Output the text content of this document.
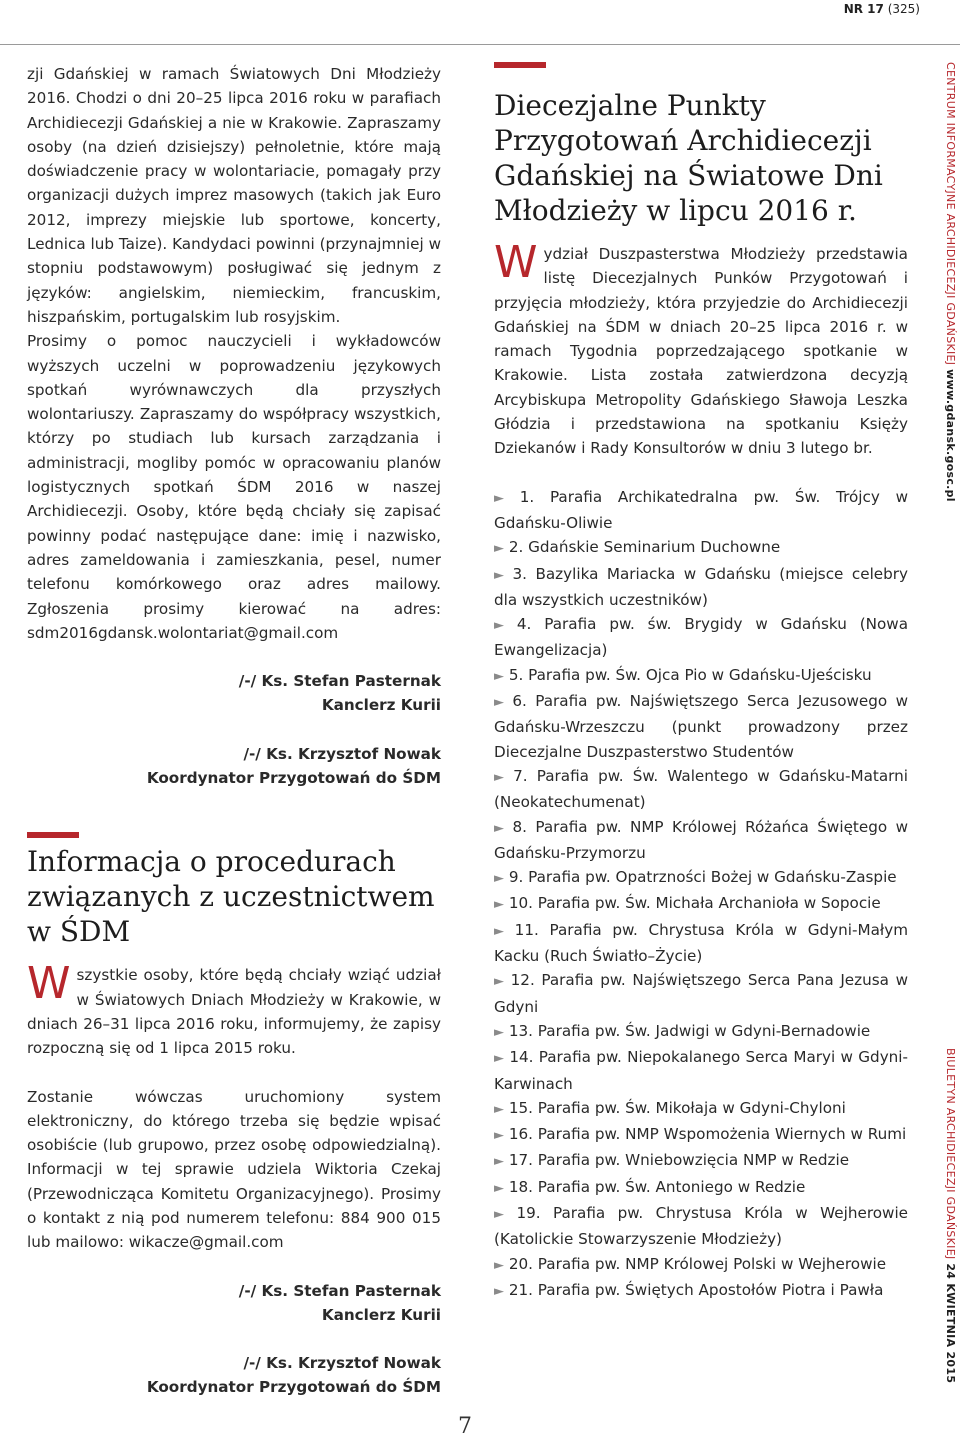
NR 17 (325)

zji Gdańskiej w ramach Światowych Dni Młodzieży 2016. Chodzi o dni 20–25 lipca 2016 roku w parafiach Archidiecezji Gdańskiej a nie w Krakowie. Zapraszamy osoby (na dzień dzisiejszy) pełnoletnie, które mają doświadczenie pracy w wolontariacie, pomagały przy organizacji dużych imprez masowych (takich jak Euro 2012, imprezy miejskie lub sportowe, koncerty, Lednica lub Taize). Kandydaci powinni (przynajmniej w stopniu podstawowym) posługiwać się jednym z języków: angielskim, niemieckim, francuskim, hiszpańskim, portugalskim lub rosyjskim.

Prosimy o pomoc nauczycieli i wykładowców wyższych uczelni w poprowadzeniu językowych spotkań wyrównawczych dla przyszłych wolontariuszy. Zapraszamy do współpracy wszystkich, którzy po studiach lub kursach zarządzania i administracji, mogliby pomóc w opracowaniu planów logistycznych spotkań ŚDM 2016 w naszej Archidiecezji. Osoby, które będą chciały się zapisać powinny podać następujące dane: imię i nazwisko, adres zameldowania i zamieszkania, pesel, numer telefonu komórkowego oraz adres mailowy. Zgłoszenia prosimy kierować na adres: sdm2016gdansk.wolontariat@gmail.com

/-/ Ks. Stefan Pasternak
Kanclerz Kurii
/-/ Ks. Krzysztof Nowak
Koordynator Przygotowań do ŚDM
Informacja o procedurach związanych z uczestnictwem w ŚDM

Wszystkie osoby, które będą chciały wziąć udział w Światowych Dniach Młodzieży w Krakowie, w dniach 26–31 lipca 2016 roku, informujemy, że zapisy rozpoczną się od 1 lipca 2015 roku.

Zostanie wówczas uruchomiony system elektroniczny, do którego trzeba się będzie wpisać osobiście (lub grupowo, przez osobę odpowiedzialną). Informacji w tej sprawie udziela Wiktoria Czekaj (Przewodnicząca Komitetu Organizacyjnego). Prosimy o kontakt z nią pod numerem telefonu: 884 900 015 lub mailowo: wikacze@gmail.com

/-/ Ks. Stefan Pasternak
Kanclerz Kurii
/-/ Ks. Krzysztof Nowak
Koordynator Przygotowań do ŚDM
Diecezjalne Punkty Przygotowań Archidiecezji Gdańskiej na Światowe Dni Młodzieży w lipcu 2016 r.

Wydział Duszpasterstwa Młodzieży przedstawia listę Diecezjalnych Punków Przygotowań i przyjęcia młodzieży, która przyjedzie do Archidiecezji Gdańskiej na ŚDM w dniach 20–25 lipca 2016 r. w ramach Tygodnia poprzedzającego spotkanie w Krakowie. Lista została zatwierdzona decyzją Arcybiskupa Metropolity Gdańskiego Sławoja Leszka Głódzia i przedstawiona na spotkaniu Księży Dziekanów i Rady Konsultorów w dniu 3 lutego br.

► 1. Parafia Archikatedralna pw. Św. Trójcy w Gdańsku-Oliwie
► 2. Gdańskie Seminarium Duchowne
► 3. Bazylika Mariacka w Gdańsku (miejsce celebry dla wszystkich uczestników)
► 4. Parafia pw. św. Brygidy w Gdańsku (Nowa Ewangelizacja)
► 5. Parafia pw. Św. Ojca Pio w Gdańsku-Ujeścisku
► 6. Parafia pw. Najświętszego Serca Jezusowego w Gdańsku-Wrzeszczu (punkt prowadzony przez Diecezjalne Duszpasterstwo Studentów
► 7. Parafia pw. Św. Walentego w Gdańsku-Matarni (Neokatechumenat)
► 8. Parafia pw. NMP Królowej Różańca Świętego w Gdańsku-Przymorzu
► 9. Parafia pw. Opatrzności Bożej w Gdańsku-Zaspie
► 10. Parafia pw. Św. Michała Archanioła w Sopocie
► 11. Parafia pw. Chrystusa Króla w Gdyni-Małym Kacku (Ruch Światło–Życie)
► 12. Parafia pw. Najświętszego Serca Pana Jezusa w Gdyni
► 13. Parafia pw. Św. Jadwigi w Gdyni-Bernadowie
► 14. Parafia pw. Niepokalanego Serca Maryi w Gdyni-Karwinach
► 15. Parafia pw. Św. Mikołaja w Gdyni-Chyloni
► 16. Parafia pw. NMP Wspomożenia Wiernych w Rumi
► 17. Parafia pw. Wniebowzięcia NMP w Redzie
► 18. Parafia pw. Św. Antoniego w Redzie
► 19. Parafia pw. Chrystusa Króla w Wejherowie (Katolickie Stowarzyszenie Młodzieży)
► 20. Parafia pw. NMP Królowej Polski w Wejherowie
► 21. Parafia pw. Świętych Apostołów Piotra i Pawła
CENTRUM INFORMACYJNE ARCHIDIECEZJI GDAŃSKIEJ www.gdansk.gosc.pl
BIULETYN ARCHIDIECEZJI GDAŃSKIEJ 24 KWIETNIA 2015
7
